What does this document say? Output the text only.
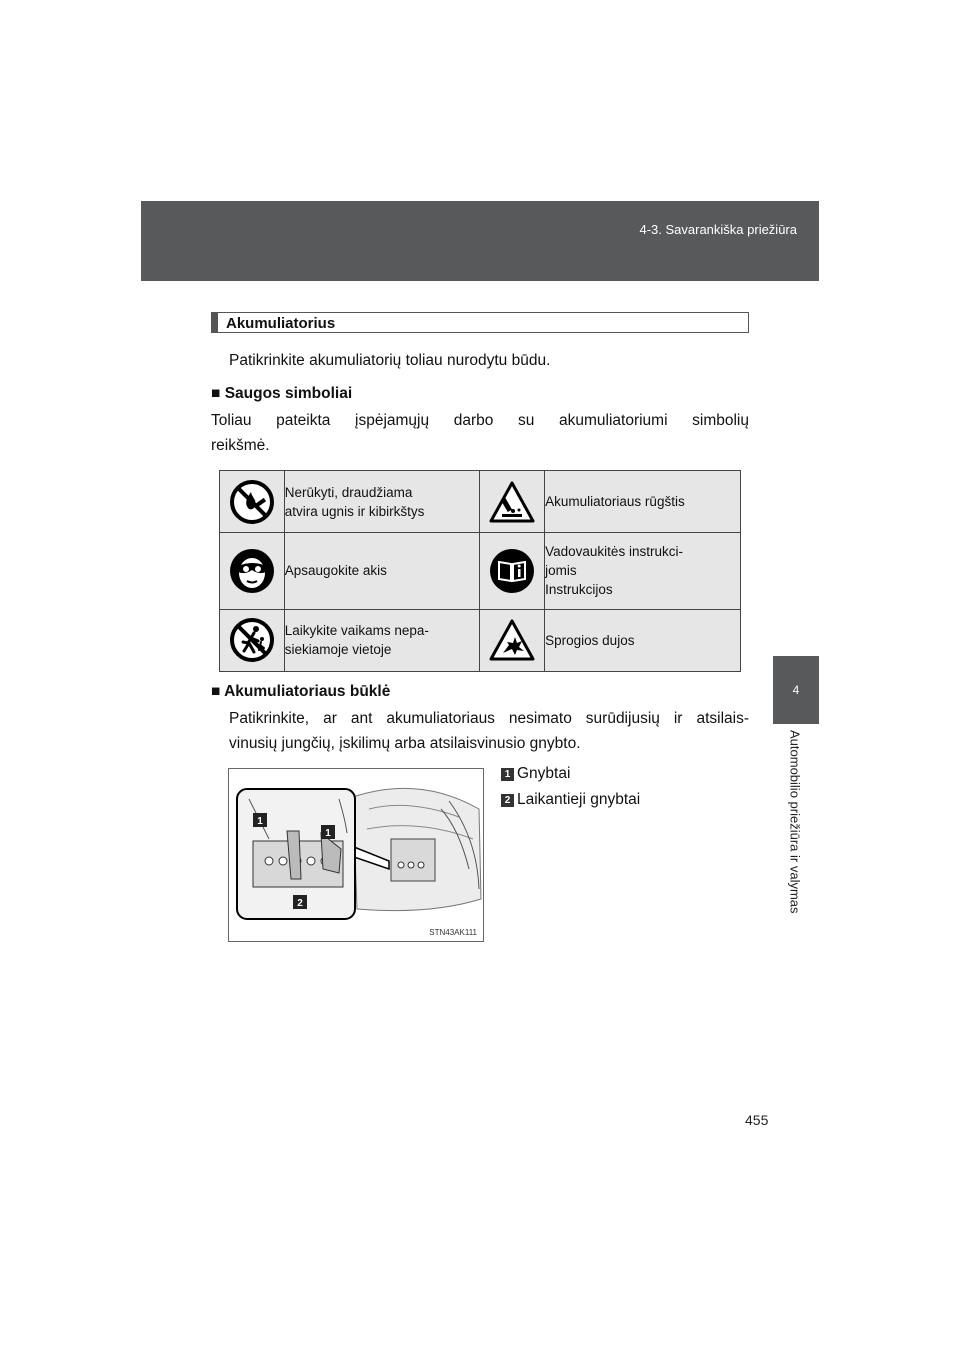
4-3. Savarankiška priežiūra
4
Automobilio priežiūra ir valymas
455
Akumuliatorius
Patikrinkite akumuliatorių toliau nurodytu būdu.
■ Saugos simboliai
Toliau pateikta įspėjamųjų darbo su akumuliatoriumi simbolių
reikšmė.

Nerūkyti, draudžiama
atvira ugnis ir kibirkštys		Akumuliatoriaus rūgštis

Apsaugokite akis		Vadovaukitės instrukci-
jomis
Instrukcijos

Laikykite vaikams nepa-
siekiamoje vietoje		Sprogios dujos
■ Akumuliatoriaus būklė
Patikrinkite, ar ant akumuliatoriaus nesimato surūdijusių ir atsilais-
vinusių jungčių, įskilimų arba atsilaisvinusio gnybto.
1
1
2
STN43AK111
1 Gnybtai
2 Laikantieji gnybtai
